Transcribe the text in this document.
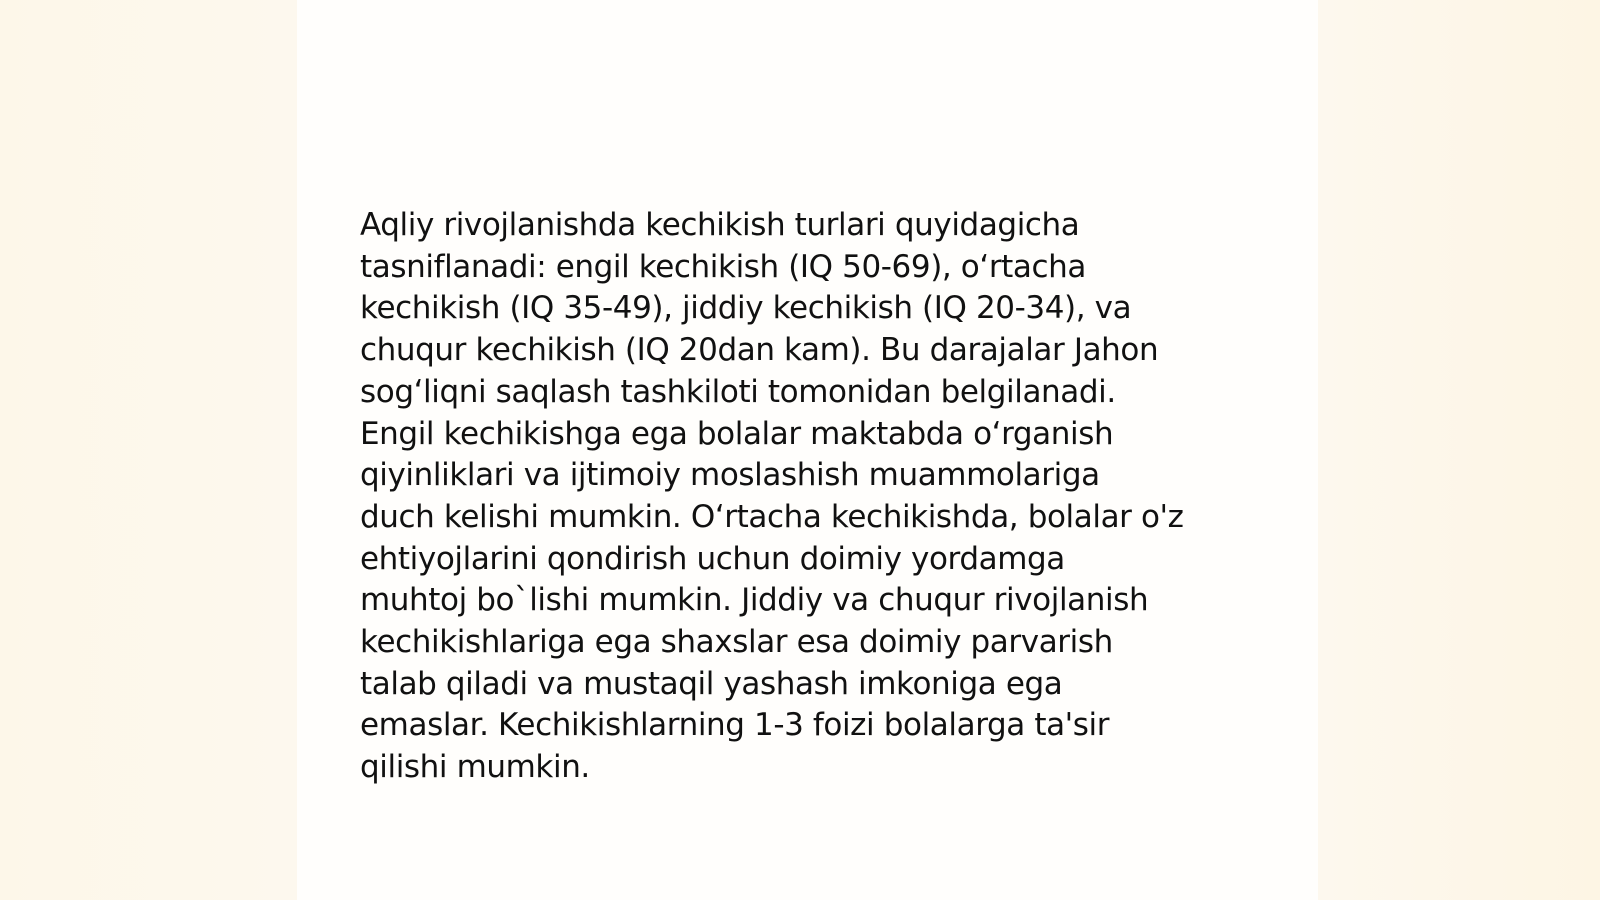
Aqliy rivojlanishda kechikish turlari quyidagicha
tasniflanadi: engil kechikish (IQ 50-69), o‘rtacha
kechikish (IQ 35-49), jiddiy kechikish (IQ 20-34), va
chuqur kechikish (IQ 20dan kam). Bu darajalar Jahon
sog‘liqni saqlash tashkiloti tomonidan belgilanadi.
Engil kechikishga ega bolalar maktabda o‘rganish
qiyinliklari va ijtimoiy moslashish muammolariga
duch kelishi mumkin. O‘rtacha kechikishda, bolalar o'z
ehtiyojlarini qondirish uchun doimiy yordamga
muhtoj bo`lishi mumkin. Jiddiy va chuqur rivojlanish
kechikishlariga ega shaxslar esa doimiy parvarish
talab qiladi va mustaqil yashash imkoniga ega
emaslar. Kechikishlarning 1-3 foizi bolalarga ta'sir
qilishi mumkin.
